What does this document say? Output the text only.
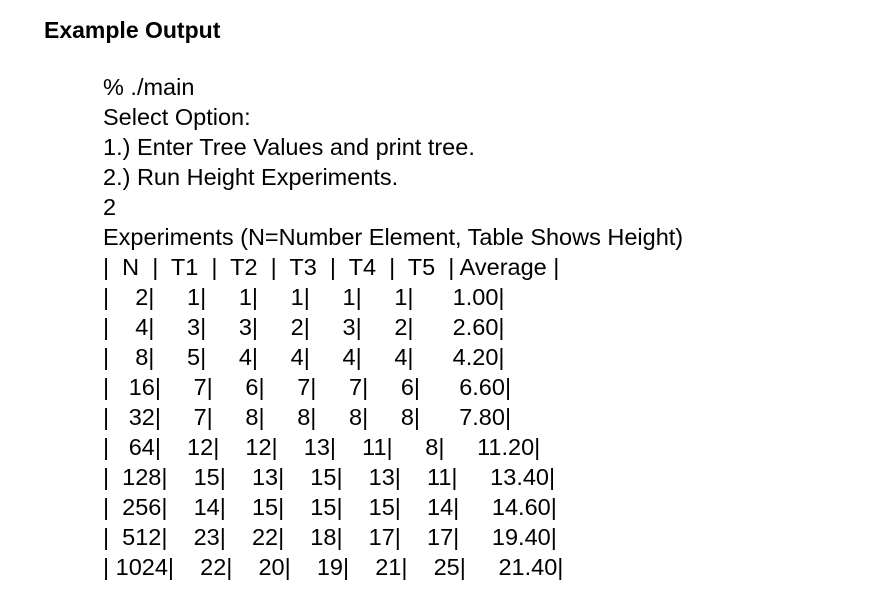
Example Output
% ./main
Select Option:
1.) Enter Tree Values and print tree.
2.) Run Height Experiments.
2
Experiments (N=Number Element, Table Shows Height)
|  N  |  T1  |  T2  |  T3  |  T4  |  T5  | Average |
|    2|     1|     1|     1|     1|     1|      1.00|
|    4|     3|     3|     2|     3|     2|      2.60|
|    8|     5|     4|     4|     4|     4|      4.20|
|   16|     7|     6|     7|     7|     6|      6.60|
|   32|     7|     8|     8|     8|     8|      7.80|
|   64|    12|    12|    13|    11|     8|     11.20|
|  128|    15|    13|    15|    13|    11|     13.40|
|  256|    14|    15|    15|    15|    14|     14.60|
|  512|    23|    22|    18|    17|    17|     19.40|
| 1024|    22|    20|    19|    21|    25|     21.40|
